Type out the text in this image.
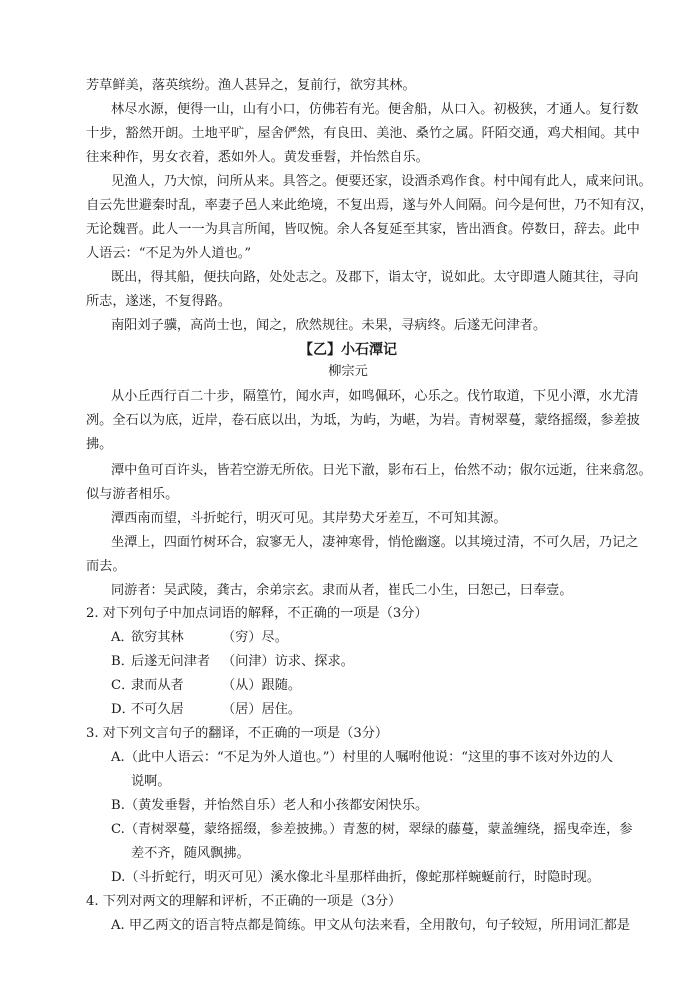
芳草鲜美，落英缤纷。渔人甚异之，复前行，欲穷其林。
林尽水源，便得一山，山有小口，仿佛若有光。便舍船，从口入。初极狭，才通人。复行数
十步，豁然开朗。土地平旷，屋舍俨然，有良田、美池、桑竹之属。阡陌交通，鸡犬相闻。其中
往来种作，男女衣着，悉如外人。黄发垂髫，并怡然自乐。
见渔人，乃大惊，问所从来。具答之。便要还家，设酒杀鸡作食。村中闻有此人，咸来问讯。
自云先世避秦时乱，率妻子邑人来此绝境，不复出焉，遂与外人间隔。问今是何世，乃不知有汉，
无论魏晋。此人一一为具言所闻，皆叹惋。余人各复延至其家，皆出酒食。停数日，辞去。此中
人语云：“不足为外人道也。”
既出，得其船，便扶向路，处处志之。及郡下，诣太守，说如此。太守即遣人随其往，寻向
所志，遂迷，不复得路。
南阳刘子骥，高尚士也，闻之，欣然规往。未果，寻病终。后遂无问津者。
【乙】小石潭记
柳宗元
从小丘西行百二十步，隔篁竹，闻水声，如鸣佩环，心乐之。伐竹取道，下见小潭，水尤清
冽。全石以为底，近岸，卷石底以出，为坻，为屿，为嵁，为岩。青树翠蔓，蒙络摇缀，参差披
拂。
潭中鱼可百许头，皆若空游无所依。日光下澈，影布石上，佁然不动；俶尔远逝，往来翕忽。
似与游者相乐。
潭西南而望，斗折蛇行，明灭可见。其岸势犬牙差互，不可知其源。
坐潭上，四面竹树环合，寂寥无人，凄神寒骨，悄怆幽邃。以其境过清，不可久居，乃记之
而去。
同游者：吴武陵，龚古，余弟宗玄。隶而从者，崔氏二小生，曰恕己，曰奉壹。
2. 对下列句子中加点词语的解释，不正确的一项是（3分）
A．
欲穷其林	（穷）尽。
B．
后遂无问津者 （问津）访求、探求。
C．
隶而从者	（从）跟随。
D．
不可久居	（居）居住。
3. 对下列文言句子的翻译，不正确的一项是（3分）
A.（此中人语云：“不足为外人道也。”）村里的人嘱咐他说：“这里的事不该对外边的人
说啊。
B.（黄发垂髫，并怡然自乐）老人和小孩都安闲快乐。
C.（青树翠蔓，蒙络摇缀，参差披拂。）青葱的树，翠绿的藤蔓，蒙盖缠绕，摇曳牵连，参
差不齐，随风飘拂。
D.（斗折蛇行，明灭可见）溪水像北斗星那样曲折，像蛇那样蜿蜒前行，时隐时现。
4. 下列对两文的理解和评析，不正确的一项是（3分）
A. 甲乙两文的语言特点都是简练。甲文从句法来看，全用散句，句子较短，所用词汇都是
